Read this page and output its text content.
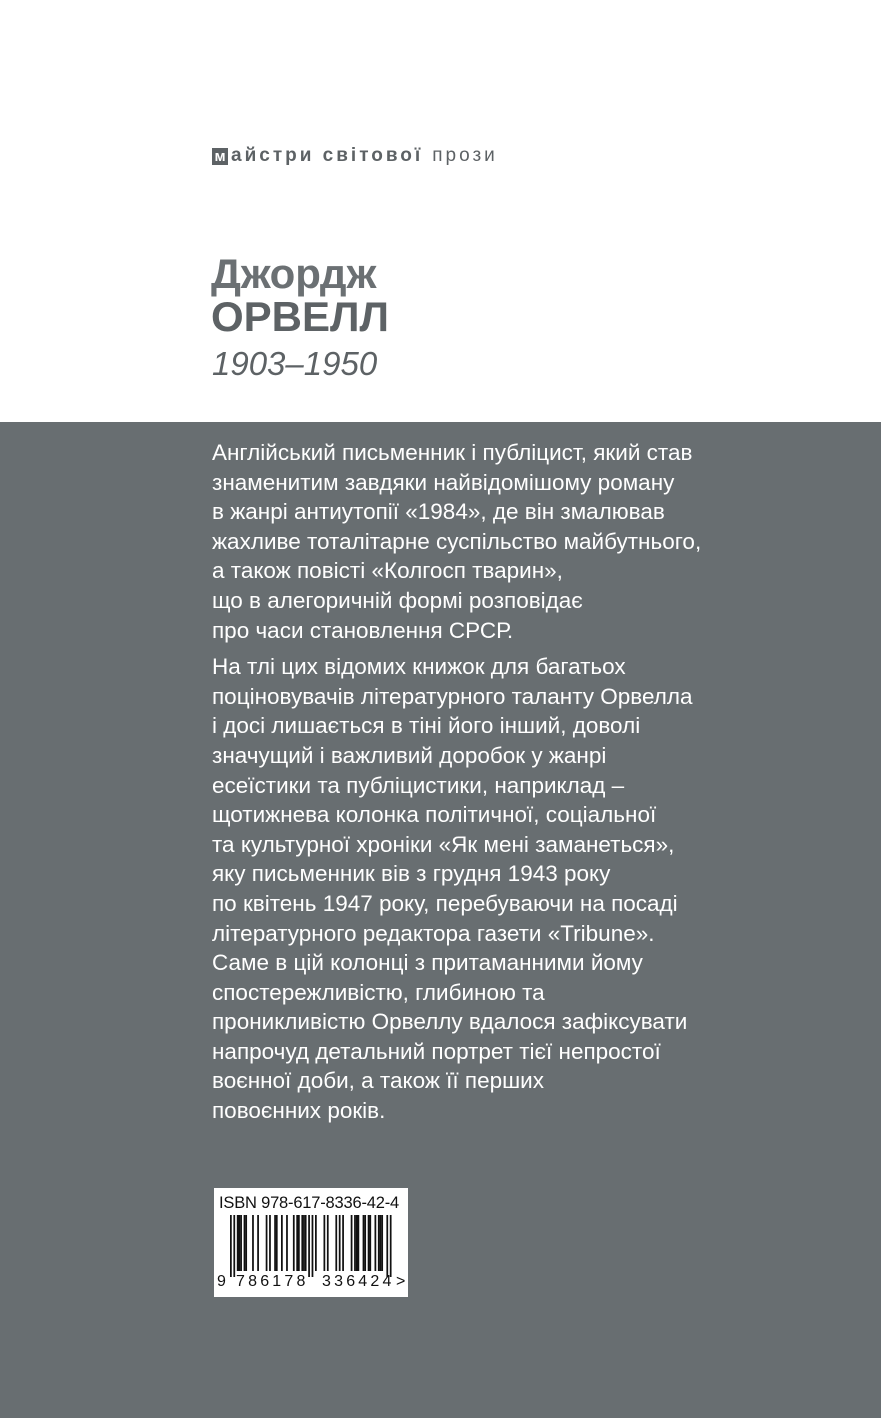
м айстри світової прози
Джордж
ОРВЕЛЛ
1903–1950

Англійський письменник і публіцист, який став
знаменитим завдяки найвідомішому роману
в жанрі антиутопії «1984», де він змалював
жахливе тоталітарне суспільство майбутнього,
а також повісті «Колгосп тварин»,
що в алегоричній формі розповідає
про часи становлення СРСР.

На тлі цих відомих книжок для багатьох
поціновувачів літературного таланту Орвелла
і досі лишається в тіні його інший, доволі
значущий і важливий доробок у жанрі
есеїстики та публіцистики, наприклад –
щотижнева колонка політичної, соціальної
та культурної хроніки «Як мені заманеться»,
яку письменник вів з грудня 1943 року
по квітень 1947 року, перебуваючи на посаді
літературного редактора газети «Tribune».
Саме в цій колонці з притаманними йому
спостережливістю, глибиною та
проникливістю Орвеллу вдалося зафіксувати
напрочуд детальний портрет тієї непростої
воєнної доби, а також її перших
повоєнних років.

ISBN 978-617-8336-42-4
9 786178 336424 >
